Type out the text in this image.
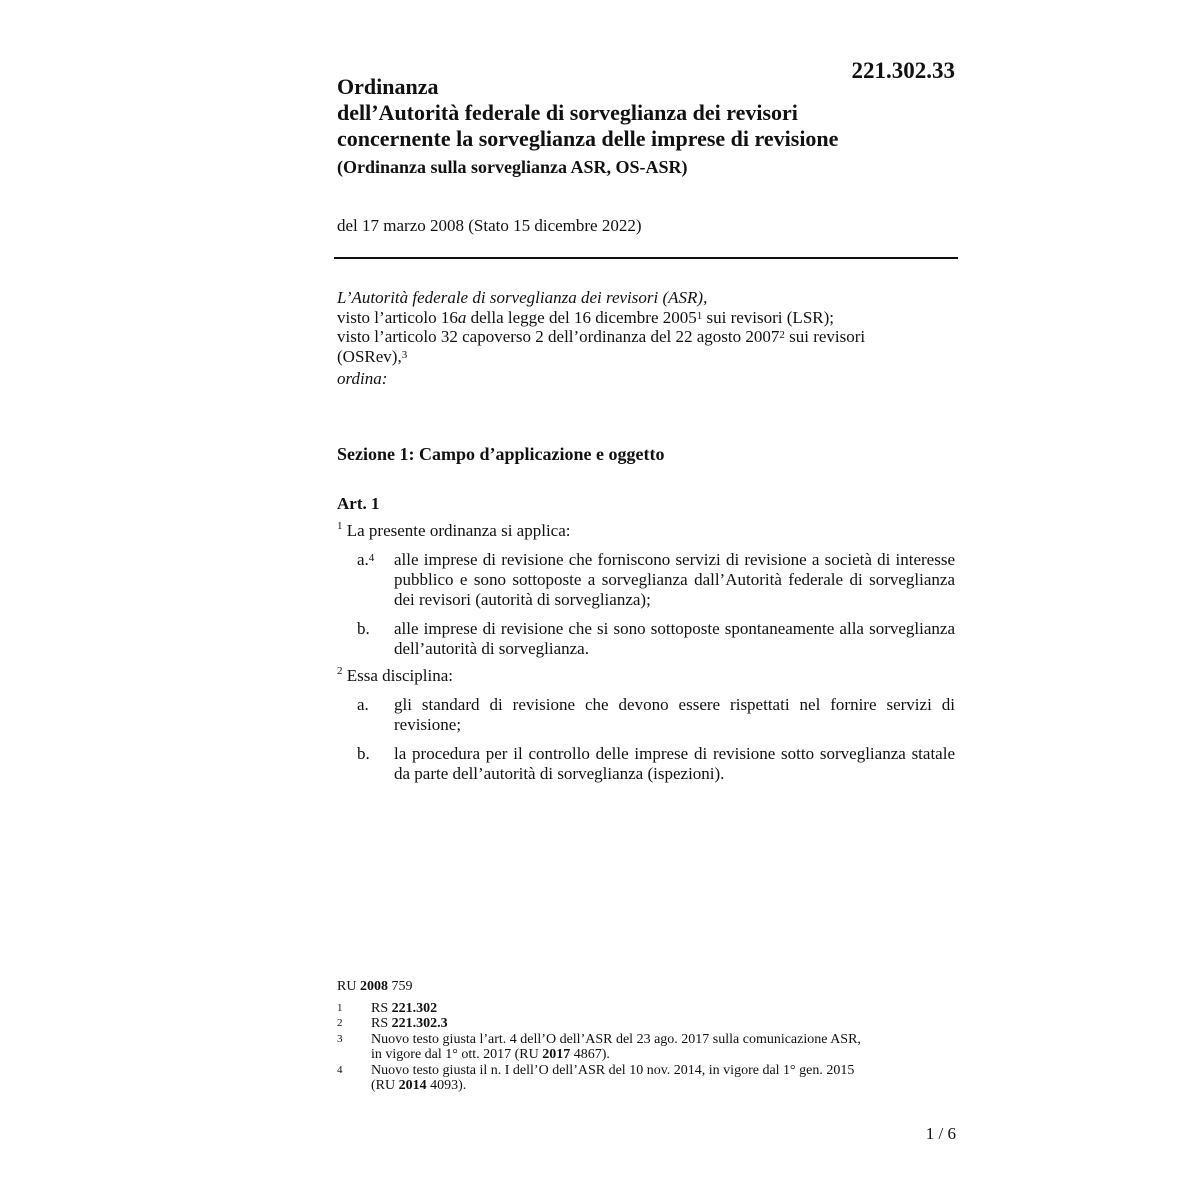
221.302.33
Ordinanza
dell’Autorità federale di sorveglianza dei revisori
concernente la sorveglianza delle imprese di revisione
(Ordinanza sulla sorveglianza ASR, OS-ASR)
del 17 marzo 2008 (Stato 15 dicembre 2022)

L’Autorità federale di sorveglianza dei revisori (ASR),

visto l’articolo 16a della legge del 16 dicembre 2005$^1$ sui revisori (LSR);

visto l’articolo 32 capoverso 2 dell’ordinanza del 22 agosto 2007$^2$ sui revisori

(OSRev),$^3$

ordina:

Sezione 1: Campo d’applicazione e oggetto
Art. 1
$^1$ La presente ordinanza si applica:
a.$^4$ alle imprese di revisione che forniscono servizi di revisione a società di interesse pubblico e sono sottoposte a sorveglianza dall’Autorità federale di sorveglianza dei revisori (autorità di sorveglianza);
b. alle imprese di revisione che si sono sottoposte spontaneamente alla sorveglianza dell’autorità di sorveglianza.
$^2$ Essa disciplina:
a. gli standard di revisione che devono essere rispettati nel fornire servizi di revisione;
b. la procedura per il controllo delle imprese di revisione sotto sorveglianza statale da parte dell’autorità di sorveglianza (ispezioni).
RU 2008 759
1 RS 221.302
2 RS 221.302.3
3 Nuovo testo giusta l’art. 4 dell’O dell’ASR del 23 ago. 2017 sulla comunicazione ASR,
in vigore dal 1° ott. 2017 (RU 2017 4867).
4 Nuovo testo giusta il n. I dell’O dell’ASR del 10 nov. 2014, in vigore dal 1° gen. 2015
(RU 2014 4093).
1 / 6
